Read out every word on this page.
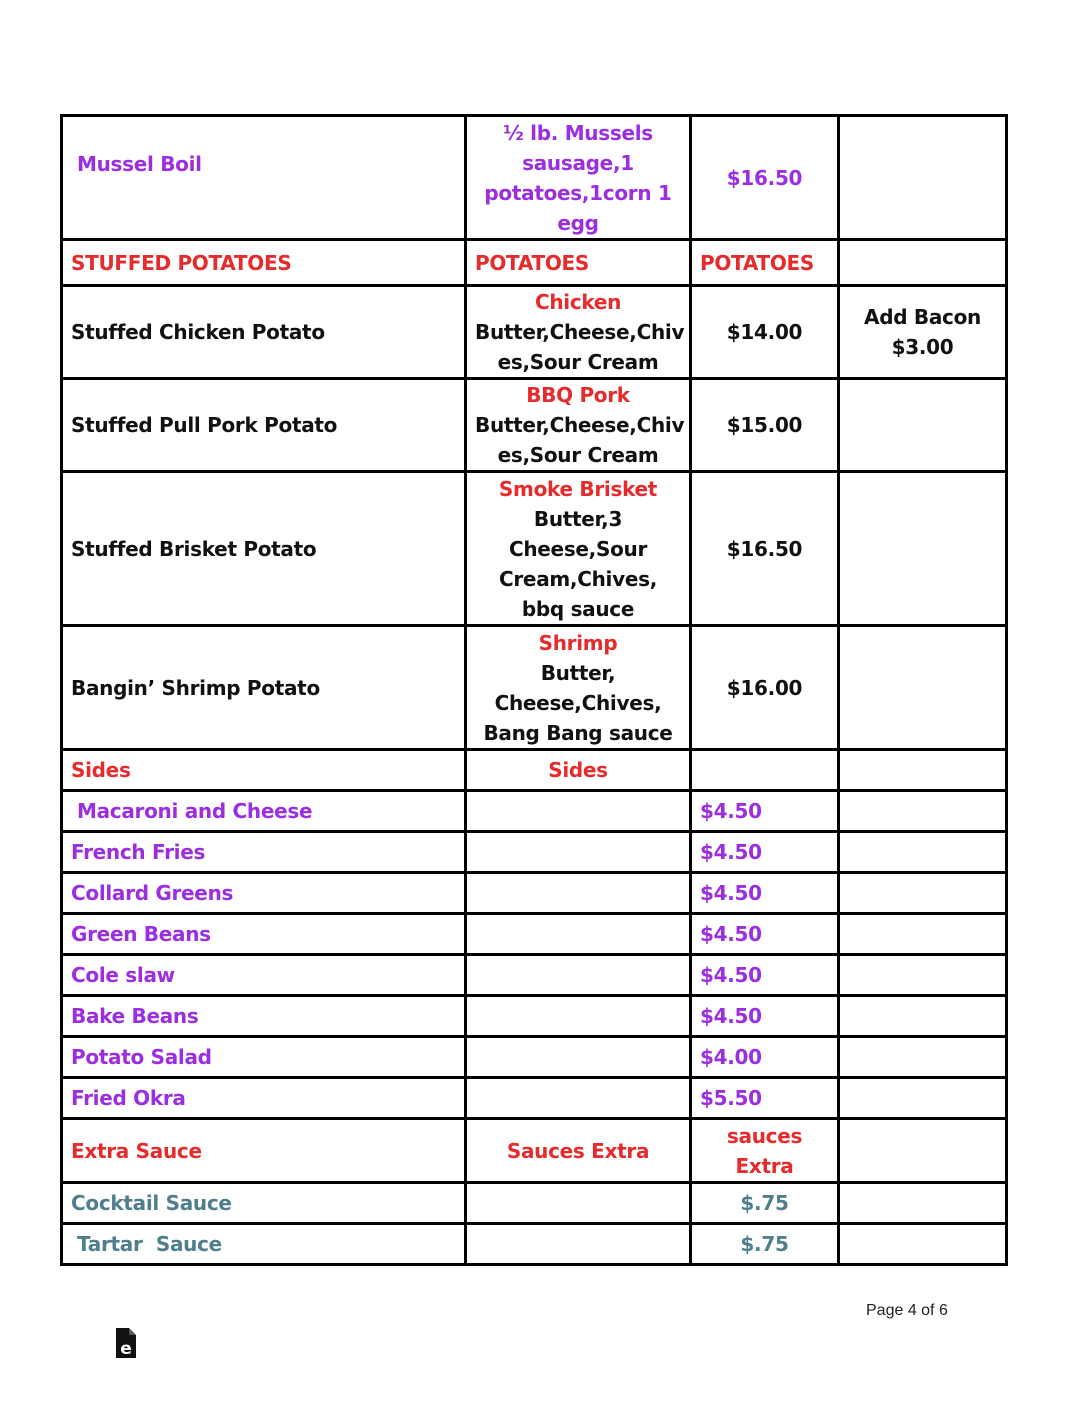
Mussel Boil	½ lb. Mussels
sausage,1
potatoes,1corn 1
egg	$16.50	
STUFFED POTATOES	POTATOES	POTATOES	
Stuffed Chicken Potato	Chicken
Butter,Cheese,Chiv
es,Sour Cream	$14.00	Add Bacon
$3.00

Stuffed Pull Pork Potato	BBQ Pork
Butter,Cheese,Chiv
es,Sour Cream	$15.00	
Stuffed Brisket Potato	Smoke Brisket
Butter,3
Cheese,Sour
Cream,Chives,
bbq sauce	$16.50	
Bangin’ Shrimp Potato	Shrimp
Butter,
Cheese,Chives,
Bang Bang sauce	$16.00	
Sides	Sides		
Macaroni and Cheese		$4.50	
French Fries		$4.50	
Collard Greens		$4.50	
Green Beans		$4.50	
Cole slaw		$4.50	
Bake Beans		$4.50	
Potato Salad		$4.00	
Fried Okra		$5.50	
Extra Sauce	Sauces Extra	sauces
Extra	

Cocktail Sauce		$.75	
Tartar  Sauce		$.75	
Page 4 of 6
e
